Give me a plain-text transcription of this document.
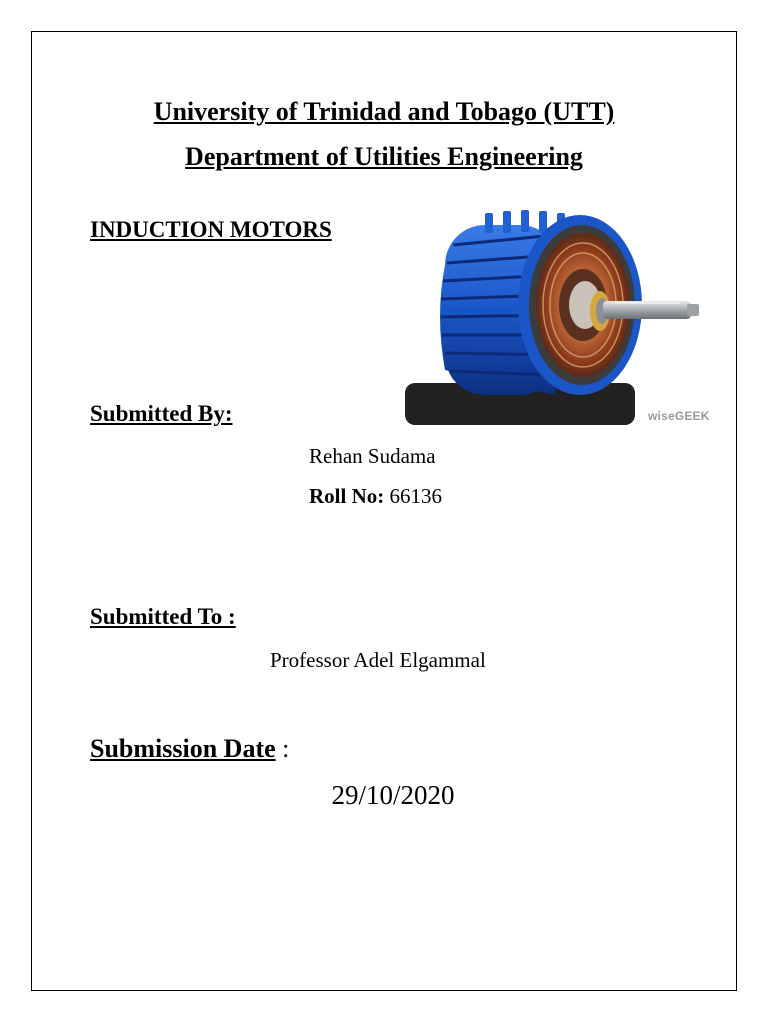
University of Trinidad and Tobago (UTT)
Department of Utilities Engineering
INDUCTION MOTORS
wiseGEEK
Submitted By:
Rehan Sudama
Roll No: 66136
Submitted To :
Professor Adel Elgammal
Submission Date :
29/10/2020
